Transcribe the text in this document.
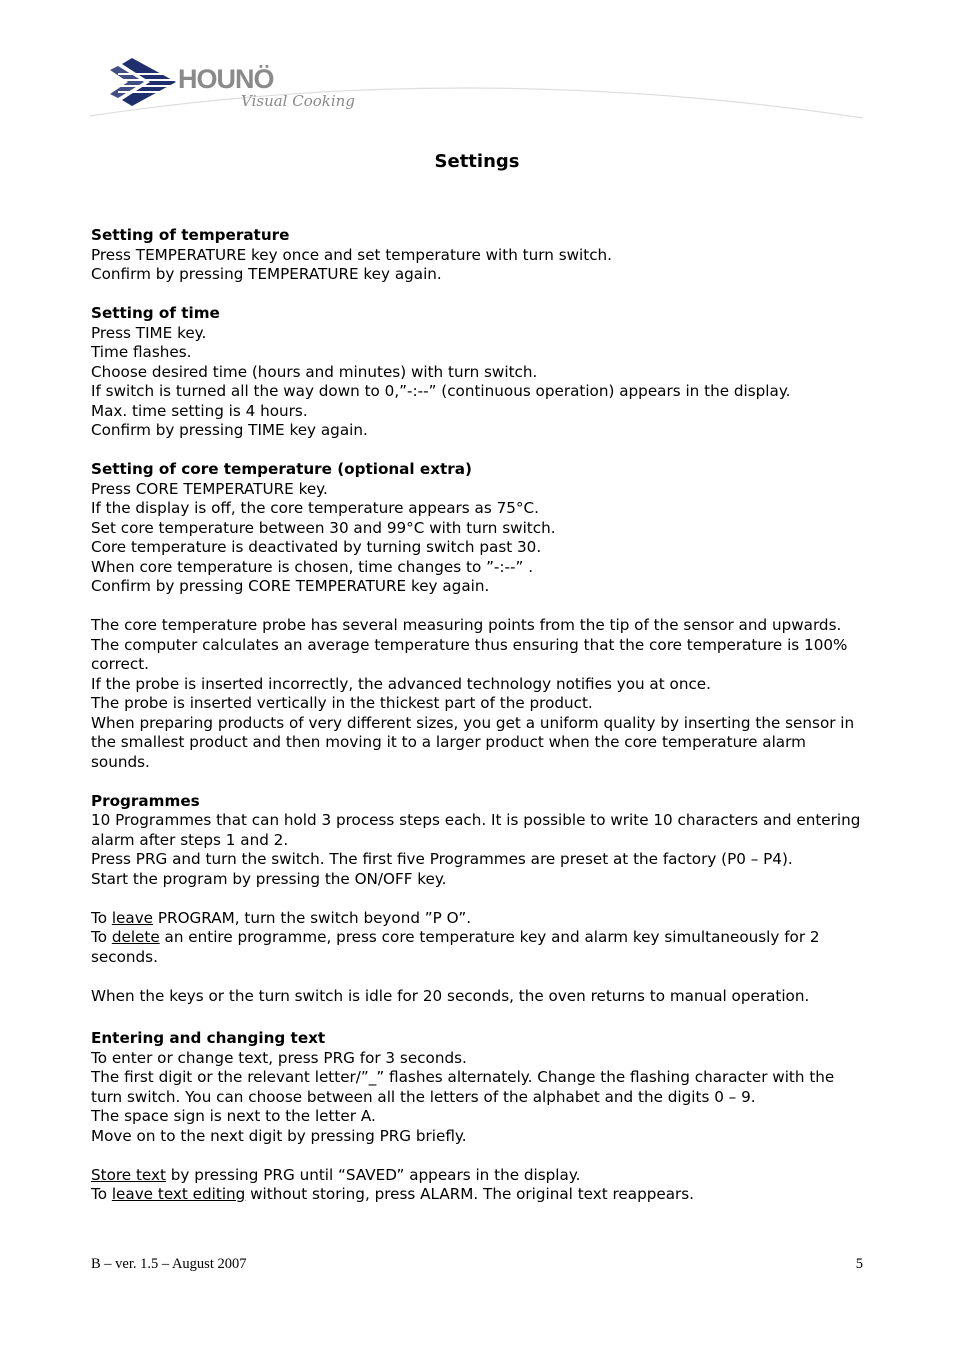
HOUNÖ
Visual Cooking
Settings

Setting of temperature

Press TEMPERATURE key once and set temperature with turn switch.

Confirm by pressing TEMPERATURE key again.

Setting of time

Press TIME key.

Time flashes.

Choose desired time (hours and minutes) with turn switch.

If switch is turned all the way down to 0,”-:--” (continuous operation) appears in the display.

Max. time setting is 4 hours.

Confirm by pressing TIME key again.

Setting of core temperature (optional extra)

Press CORE TEMPERATURE key.

If the display is off, the core temperature appears as 75°C.

Set core temperature between 30 and 99°C with turn switch.

Core temperature is deactivated by turning switch past 30.

When core temperature is chosen, time changes to ”-:--” .

Confirm by pressing CORE TEMPERATURE key again.

The core temperature probe has several measuring points from the tip of the sensor and upwards.

The computer calculates an average temperature thus ensuring that the core temperature is 100% correct.

If the probe is inserted incorrectly, the advanced technology notifies you at once.

The probe is inserted vertically in the thickest part of the product.

When preparing products of very different sizes, you get a uniform quality by inserting the sensor in the smallest product and then moving it to a larger product when the core temperature alarm sounds.

Programmes

10 Programmes that can hold 3 process steps each. It is possible to write 10 characters and entering alarm after steps 1 and 2.

Press PRG and turn the switch. The first five Programmes are preset at the factory (P0 – P4).

Start the program by pressing the ON/OFF key.

To leave PROGRAM, turn the switch beyond ”P O”.

To delete an entire programme, press core temperature key and alarm key simultaneously for 2 seconds.

When the keys or the turn switch is idle for 20 seconds, the oven returns to manual operation.

Entering and changing text

To enter or change text, press PRG for 3 seconds.

The first digit or the relevant letter/”_” flashes alternately. Change the flashing character with the turn switch. You can choose between all the letters of the alphabet and the digits 0 – 9.

The space sign is next to the letter A.

Move on to the next digit by pressing PRG briefly.

Store text by pressing PRG until “SAVED” appears in the display.

To leave text editing without storing, press ALARM. The original text reappears.

B – ver. 1.5 – August 2007	5
